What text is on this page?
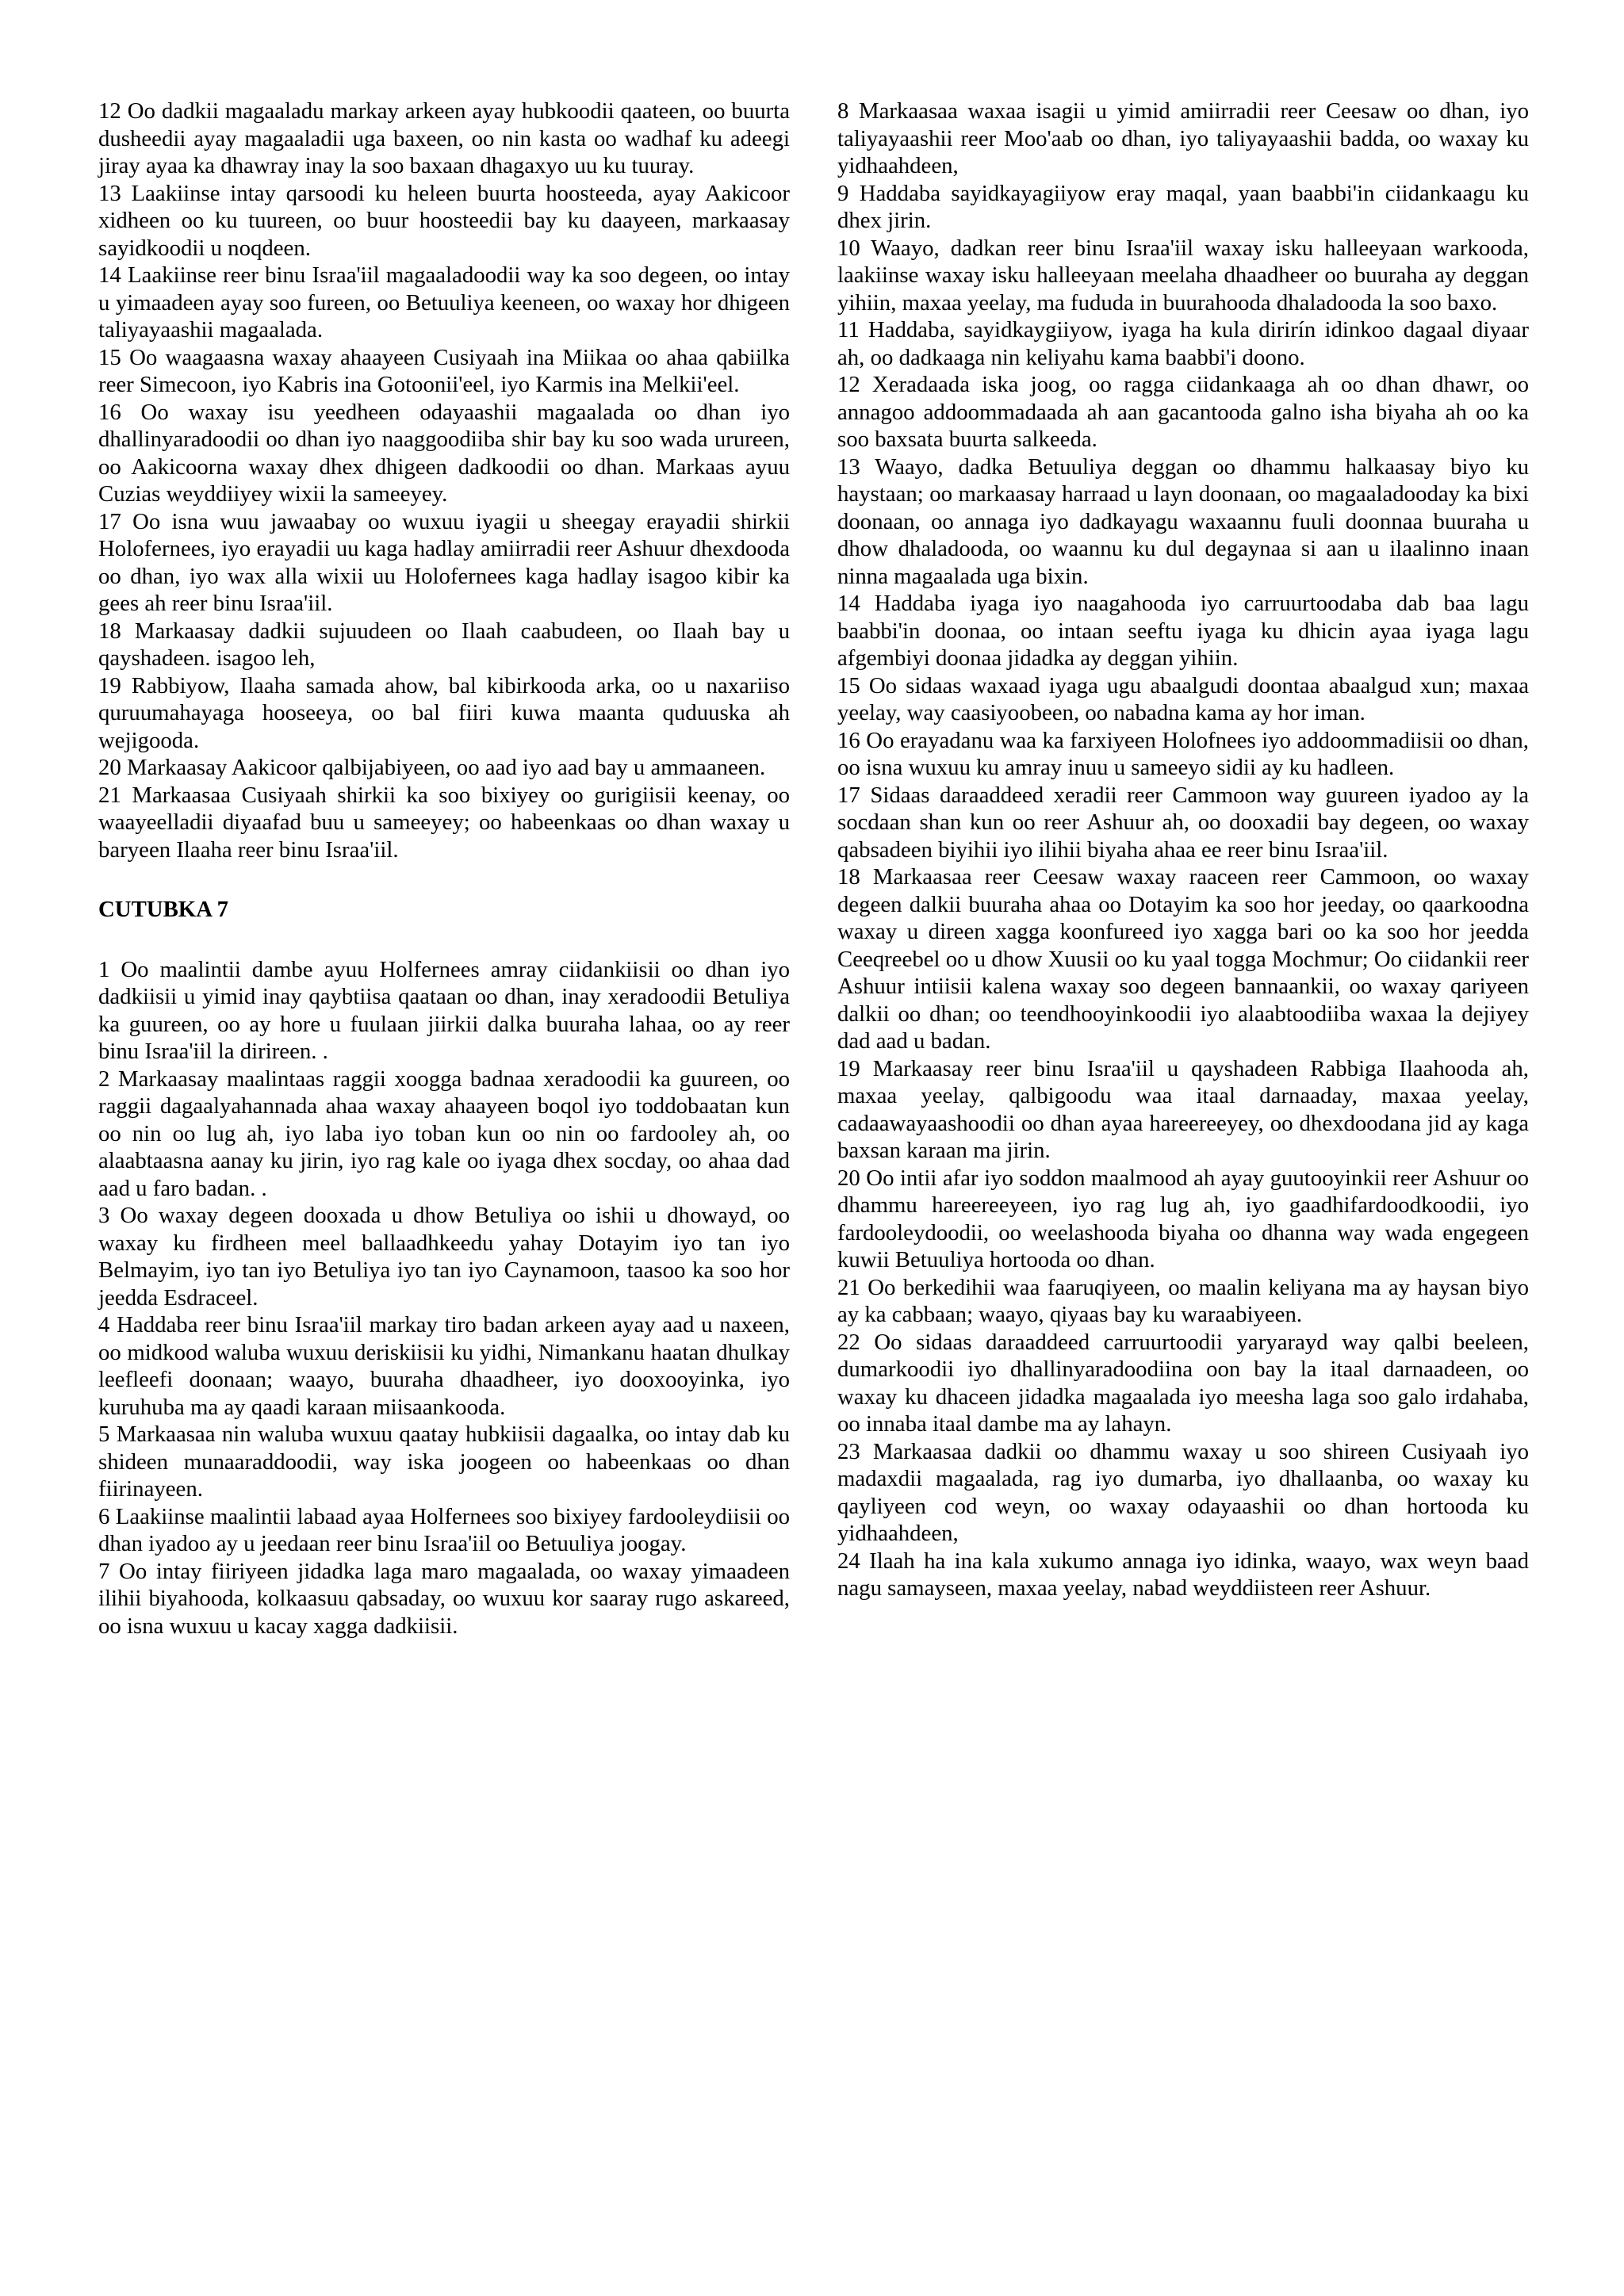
12 Oo dadkii magaaladu markay arkeen ayay hubkoodii qaateen, oo buurta dusheedii ayay magaaladii uga baxeen, oo nin kasta oo wadhaf ku adeegi jiray ayaa ka dhawray inay la soo baxaan dhagaxyo uu ku tuuray.

13 Laakiinse intay qarsoodi ku heleen buurta hoosteeda, ayay Aakicoor xidheen oo ku tuureen, oo buur hoosteedii bay ku daayeen, markaasay sayidkoodii u noqdeen.

14 Laakiinse reer binu Israa'iil magaaladoodii way ka soo degeen, oo intay u yimaadeen ayay soo fureen, oo Betuuliya keeneen, oo waxay hor dhigeen taliyayaashii magaalada.

15 Oo waagaasna waxay ahaayeen Cusiyaah ina Miikaa oo ahaa qabiilka reer Simecoon, iyo Kabris ina Gotoonii'eel, iyo Karmis ina Melkii'eel.

16 Oo waxay isu yeedheen odayaashii magaalada oo dhan iyo dhallinyaradoodii oo dhan iyo naaggoodiiba shir bay ku soo wada urureen, oo Aakicoorna waxay dhex dhigeen dadkoodii oo dhan. Markaas ayuu Cuzias weyddiiyey wixii la sameeyey.

17 Oo isna wuu jawaabay oo wuxuu iyagii u sheegay erayadii shirkii Holofernees, iyo erayadii uu kaga hadlay amiirradii reer Ashuur dhexdooda oo dhan, iyo wax alla wixii uu Holofernees kaga hadlay isagoo kibir ka gees ah reer binu Israa'iil.

18 Markaasay dadkii sujuudeen oo Ilaah caabudeen, oo Ilaah bay u qayshadeen. isagoo leh,

19 Rabbiyow, Ilaaha samada ahow, bal kibirkooda arka, oo u naxariiso quruumahayaga hooseeya, oo bal fiiri kuwa maanta quduuska ah wejigooda.

20 Markaasay Aakicoor qalbijabiyeen, oo aad iyo aad bay u ammaaneen.

21 Markaasaa Cusiyaah shirkii ka soo bixiyey oo gurigiisii keenay, oo waayeelladii diyaafad buu u sameeyey; oo habeenkaas oo dhan waxay u baryeen Ilaaha reer binu Israa'iil.

CUTUBKA 7

1 Oo maalintii dambe ayuu Holfernees amray ciidankiisii oo dhan iyo dadkiisii u yimid inay qaybtiisa qaataan oo dhan, inay xeradoodii Betuliya ka guureen, oo ay hore u fuulaan jiirkii dalka buuraha lahaa, oo ay reer binu Israa'iil la dirireen. .

2 Markaasay maalintaas raggii xoogga badnaa xeradoodii ka guureen, oo raggii dagaalyahannada ahaa waxay ahaayeen boqol iyo toddobaatan kun oo nin oo lug ah, iyo laba iyo toban kun oo nin oo fardooley ah, oo alaabtaasna aanay ku jirin, iyo rag kale oo iyaga dhex socday, oo ahaa dad aad u faro badan. .

3 Oo waxay degeen dooxada u dhow Betuliya oo ishii u dhowayd, oo waxay ku firdheen meel ballaadhkeedu yahay Dotayim iyo tan iyo Belmayim, iyo tan iyo Betuliya iyo tan iyo Caynamoon, taasoo ka soo hor jeedda Esdraceel.

4 Haddaba reer binu Israa'iil markay tiro badan arkeen ayay aad u naxeen, oo midkood waluba wuxuu deriskiisii ku yidhi, Nimankanu haatan dhulkay leefleefi doonaan; waayo, buuraha dhaadheer, iyo dooxooyinka, iyo kuruhuba ma ay qaadi karaan miisaankooda.

5 Markaasaa nin waluba wuxuu qaatay hubkiisii dagaalka, oo intay dab ku shideen munaaraddoodii, way iska joogeen oo habeenkaas oo dhan fiirinayeen.

6 Laakiinse maalintii labaad ayaa Holfernees soo bixiyey fardooleydiisii oo dhan iyadoo ay u jeedaan reer binu Israa'iil oo Betuuliya joogay.

7 Oo intay fiiriyeen jidadka laga maro magaalada, oo waxay yimaadeen ilihii biyahooda, kolkaasuu qabsaday, oo wuxuu kor saaray rugo askareed, oo isna wuxuu u kacay xagga dadkiisii.

8 Markaasaa waxaa isagii u yimid amiirradii reer Ceesaw oo dhan, iyo taliyayaashii reer Moo'aab oo dhan, iyo taliyayaashii badda, oo waxay ku yidhaahdeen,

9 Haddaba sayidkayagiiyow eray maqal, yaan baabbi'in ciidankaagu ku dhex jirin.

10 Waayo, dadkan reer binu Israa'iil waxay isku halleeyaan warkooda, laakiinse waxay isku halleeyaan meelaha dhaadheer oo buuraha ay deggan yihiin, maxaa yeelay, ma fududa in buurahooda dhaladooda la soo baxo.

11 Haddaba, sayidkaygiiyow, iyaga ha kula dirirín idinkoo dagaal diyaar ah, oo dadkaaga nin keliyahu kama baabbi'i doono.

12 Xeradaada iska joog, oo ragga ciidankaaga ah oo dhan dhawr, oo annagoo addoommadaada ah aan gacantooda galno isha biyaha ah oo ka soo baxsata buurta salkeeda.

13 Waayo, dadka Betuuliya deggan oo dhammu halkaasay biyo ku haystaan; oo markaasay harraad u layn doonaan, oo magaaladooday ka bixi doonaan, oo annaga iyo dadkayagu waxaannu fuuli doonnaa buuraha u dhow dhaladooda, oo waannu ku dul degaynaa si aan u ilaalinno inaan ninna magaalada uga bixin.

14 Haddaba iyaga iyo naagahooda iyo carruurtoodaba dab baa lagu baabbi'in doonaa, oo intaan seeftu iyaga ku dhicin ayaa iyaga lagu afgembiyi doonaa jidadka ay deggan yihiin.

15 Oo sidaas waxaad iyaga ugu abaalgudi doontaa abaalgud xun; maxaa yeelay, way caasiyoobeen, oo nabadna kama ay hor iman.

16 Oo erayadanu waa ka farxiyeen Holofnees iyo addoommadiisii oo dhan, oo isna wuxuu ku amray inuu u sameeyo sidii ay ku hadleen.

17 Sidaas daraaddeed xeradii reer Cammoon way guureen iyadoo ay la socdaan shan kun oo reer Ashuur ah, oo dooxadii bay degeen, oo waxay qabsadeen biyihii iyo ilihii biyaha ahaa ee reer binu Israa'iil.

18 Markaasaa reer Ceesaw waxay raaceen reer Cammoon, oo waxay degeen dalkii buuraha ahaa oo Dotayim ka soo hor jeeday, oo qaarkoodna waxay u direen xagga koonfureed iyo xagga bari oo ka soo hor jeedda Ceeqreebel oo u dhow Xuusii oo ku yaal togga Mochmur; Oo ciidankii reer Ashuur intiisii kalena waxay soo degeen bannaankii, oo waxay qariyeen dalkii oo dhan; oo teendhooyinkoodii iyo alaabtoodiiba waxaa la dejiyey dad aad u badan.

19 Markaasay reer binu Israa'iil u qayshadeen Rabbiga Ilaahooda ah, maxaa yeelay, qalbigoodu waa itaal darnaaday, maxaa yeelay, cadaawayaashoodii oo dhan ayaa hareereeyey, oo dhexdoodana jid ay kaga baxsan karaan ma jirin.

20 Oo intii afar iyo soddon maalmood ah ayay guutooyinkii reer Ashuur oo dhammu hareereeyeen, iyo rag lug ah, iyo gaadhifardoodkoodii, iyo fardooleydoodii, oo weelashooda biyaha oo dhanna way wada engegeen kuwii Betuuliya hortooda oo dhan.

21 Oo berkedihii waa faaruqiyeen, oo maalin keliyana ma ay haysan biyo ay ka cabbaan; waayo, qiyaas bay ku waraabiyeen.

22 Oo sidaas daraaddeed carruurtoodii yaryarayd way qalbi beeleen, dumarkoodii iyo dhallinyaradoodiina oon bay la itaal darnaadeen, oo waxay ku dhaceen jidadka magaalada iyo meesha laga soo galo irdahaba, oo innaba itaal dambe ma ay lahayn.

23 Markaasaa dadkii oo dhammu waxay u soo shireen Cusiyaah iyo madaxdii magaalada, rag iyo dumarba, iyo dhallaanba, oo waxay ku qayliyeen cod weyn, oo waxay odayaashii oo dhan hortooda ku yidhaahdeen,

24 Ilaah ha ina kala xukumo annaga iyo idinka, waayo, wax weyn baad nagu samayseen, maxaa yeelay, nabad weyddiisteen reer Ashuur.
